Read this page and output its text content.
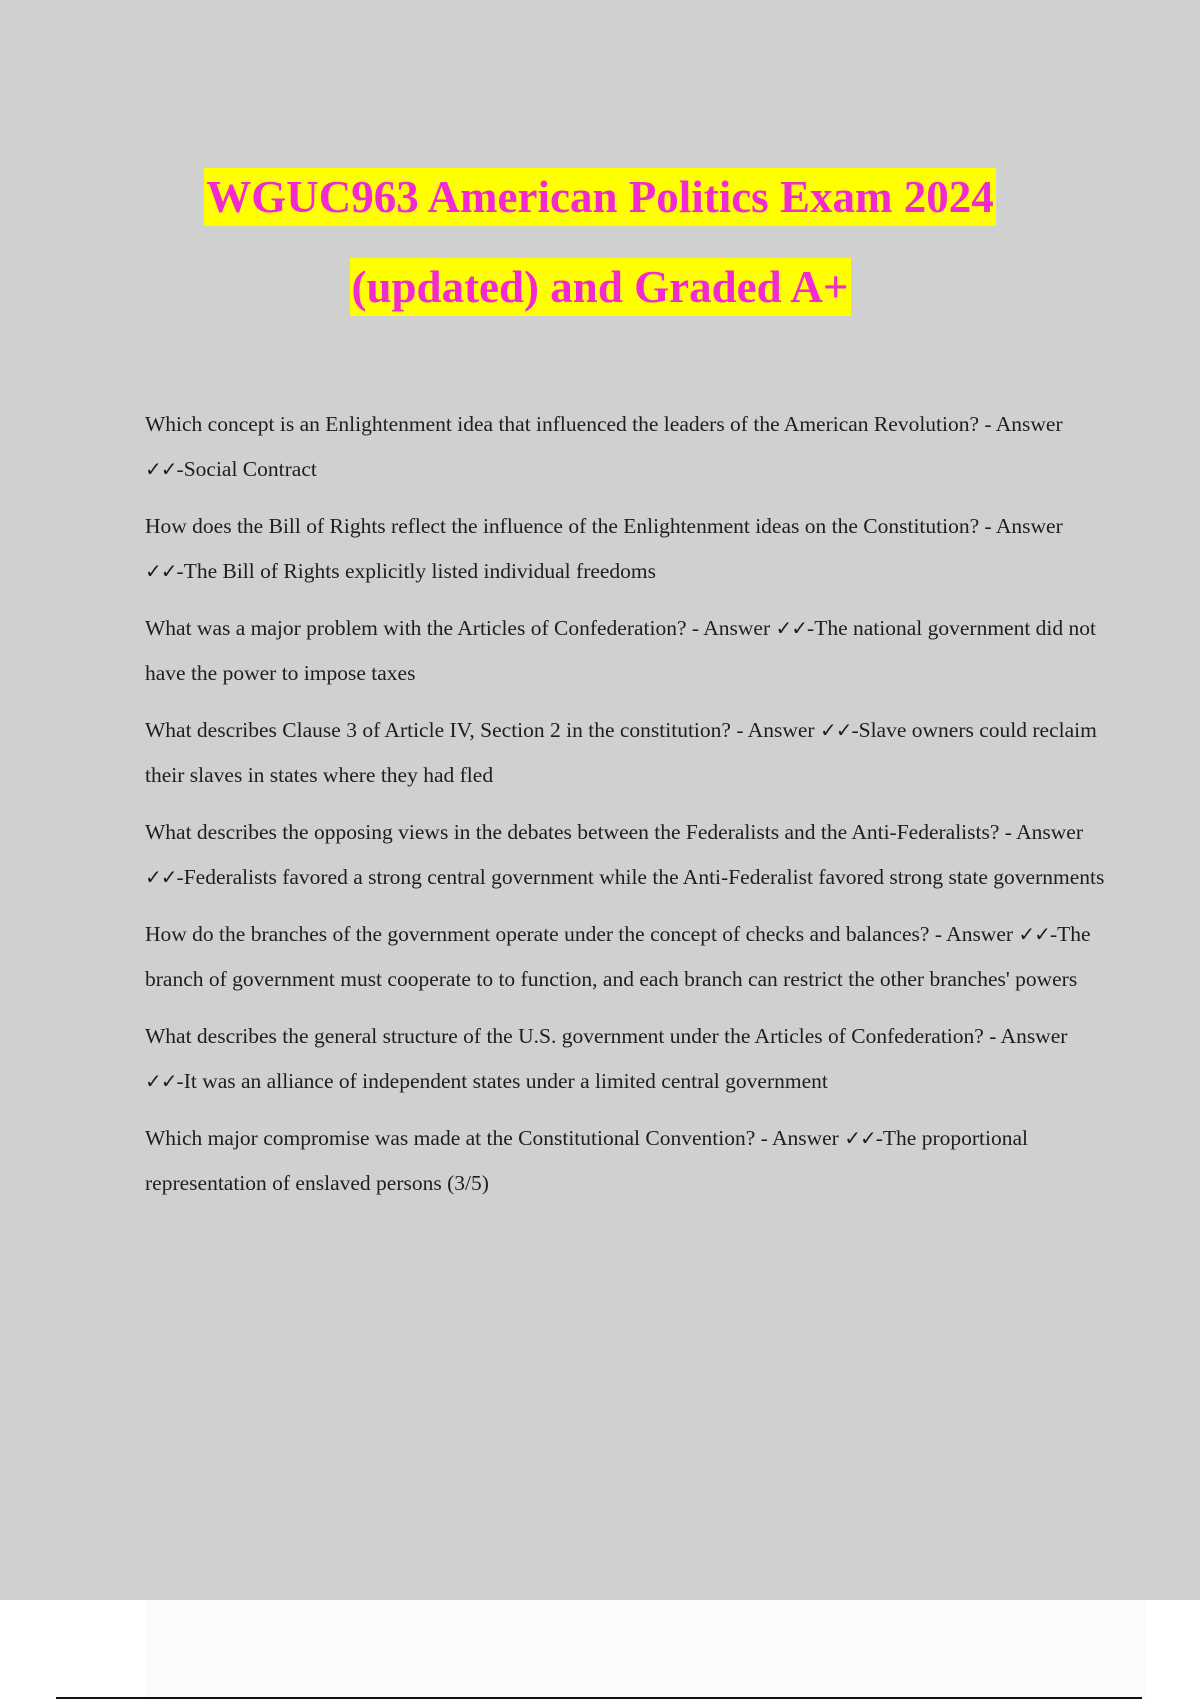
WGUC963 American Politics Exam 2024
(updated) and Graded A+

Which concept is an Enlightenment idea that influenced the leaders of the American Revolution? - Answer ✓✓-Social Contract

How does the Bill of Rights reflect the influence of the Enlightenment ideas on the Constitution? - Answer ✓✓-The Bill of Rights explicitly listed individual freedoms

What was a major problem with the Articles of Confederation? - Answer ✓✓-The national government did not have the power to impose taxes

What describes Clause 3 of Article IV, Section 2 in the constitution? - Answer ✓✓-Slave owners could reclaim their slaves in states where they had fled

What describes the opposing views in the debates between the Federalists and the Anti-Federalists? - Answer ✓✓-Federalists favored a strong central government while the Anti-Federalist favored strong state governments

How do the branches of the government operate under the concept of checks and balances? - Answer ✓✓-The branch of government must cooperate to to function, and each branch can restrict the other branches' powers

What describes the general structure of the U.S. government under the Articles of Confederation? - Answer ✓✓-It was an alliance of independent states under a limited central government

Which major compromise was made at the Constitutional Convention? - Answer ✓✓-The proportional representation of enslaved persons (3/5)
